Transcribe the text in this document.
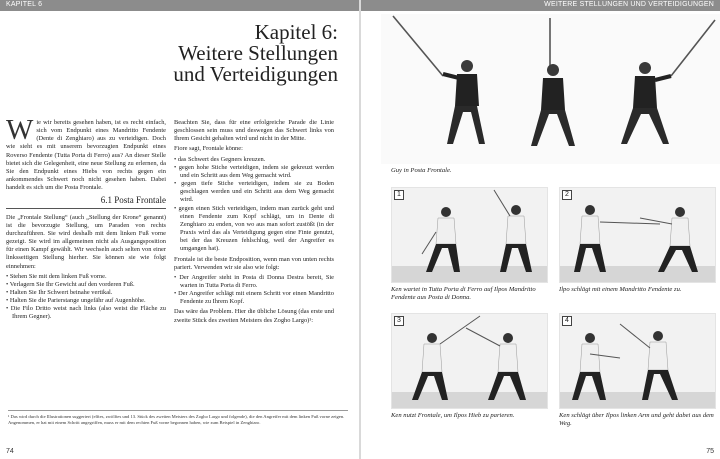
KAPITEL 6
Kapitel 6:
Weitere Stellungen
und Verteidigungen

Wie wir bereits gesehen haben, ist es recht einfach, sich vom Endpunkt eines Mandritto Fendente (Dente di Zenghiaro) aus zu verteidigen. Doch wie sieht es mit unserem bevorzugten Endpunkt eines Roverso Fendente (Tutta Porta di Ferro) aus? An dieser Stelle bietet sich die Gelegenheit, eine neue Stellung zu erlernen, da Sie den Endpunkt eines Hiebs von rechts gegen ein ankommendes Schwert noch nicht gesehen haben. Dabei handelt es sich um die Posta Frontale.

6.1 Posta Frontale

Die „Frontale Stellung“ (auch „Stellung der Krone“ genannt) ist die bevorzugte Stellung, um Paraden von rechts durchzuführen. Sie wird deshalb mit dem linken Fuß vorne gezeigt. Sie wird im allgemeinen nicht als Ausgangsposition für einen Kampf gewählt. Wir wechseln auch selten von einer linksseitigen Stellung hierher. Sie können sie wie folgt einnehmen:

• Stehen Sie mit dem linken Fuß vorne.
• Verlagern Sie Ihr Gewicht auf den vorderen Fuß.
• Halten Sie Ihr Schwert beinahe vertikal.
• Halten Sie die Parierstange ungefähr auf Augenhöhe.
• Die Filo Dritto weist nach links (also weist die Fläche zu Ihrem Gegner).

Beachten Sie, dass für eine erfolgreiche Parade die Linie geschlossen sein muss und deswegen das Schwert links von Ihrem Gesicht gehalten wird und nicht in der Mitte.

Fiore sagt, Frontale könne:

• das Schwert des Gegners kreuzen.
• gegen hohe Stiche verteidigen, indem sie gekreuzt werden und ein Schritt aus dem Weg gemacht wird.
• gegen tiefe Stiche verteidigen, indem sie zu Boden geschlagen werden und ein Schritt aus dem Weg gemacht wird.
• gegen einen Stich verteidigen, indem man zurück geht und einen Fendente zum Kopf schlägt, um in Dente di Zenghiaro zu enden, von wo aus man sofort zustößt (in der Praxis wird das als Verteidigung gegen eine Finte genutzt, bei der das Kreuzen fehlschlug, weil der Angreifer es umgangen hat).

Frontale ist die beste Endposition, wenn man von unten rechts pariert. Verwenden wir sie also wie folgt:

• Der Angreifer steht in Posta di Donna Destra bereit, Sie warten in Tutta Porta di Ferro.
• Der Angreifer schlägt mit einem Schritt vor einen Mandritto Fendente zu Ihrem Kopf.

Das wäre das Problem. Hier die übliche Lösung (das erste und zweite Stück des zweiten Meisters des Zogho Largo)¹:

¹ Das wird durch die Illustrationen suggeriert (elftes, zwölftes und 13. Stück des zweiten Meisters des Zogho Largo und folgende), die den Angreifer mit dem linken Fuß vorne zeigen. Angenommen, er hat mit einem Schritt angegriffen, muss er mit dem rechten Fuß vorne begonnen haben, wie zum Beispiel in Zenghiaro.
74
WEITERE STELLUNGEN UND VERTEIDIGUNGEN
Guy in Posta Frontale.
1
Ken wartet in Tutta Porta di Ferro auf Ilpos Mandritto Fendente aus Posta di Donna.
2
Ilpo schlägt mit einem Mandritto Fendente zu.
3
Ken nutzt Frontale, um Ilpos Hieb zu parieren.
4
Ken schlägt über Ilpos linken Arm und geht dabei aus dem Weg.
75
